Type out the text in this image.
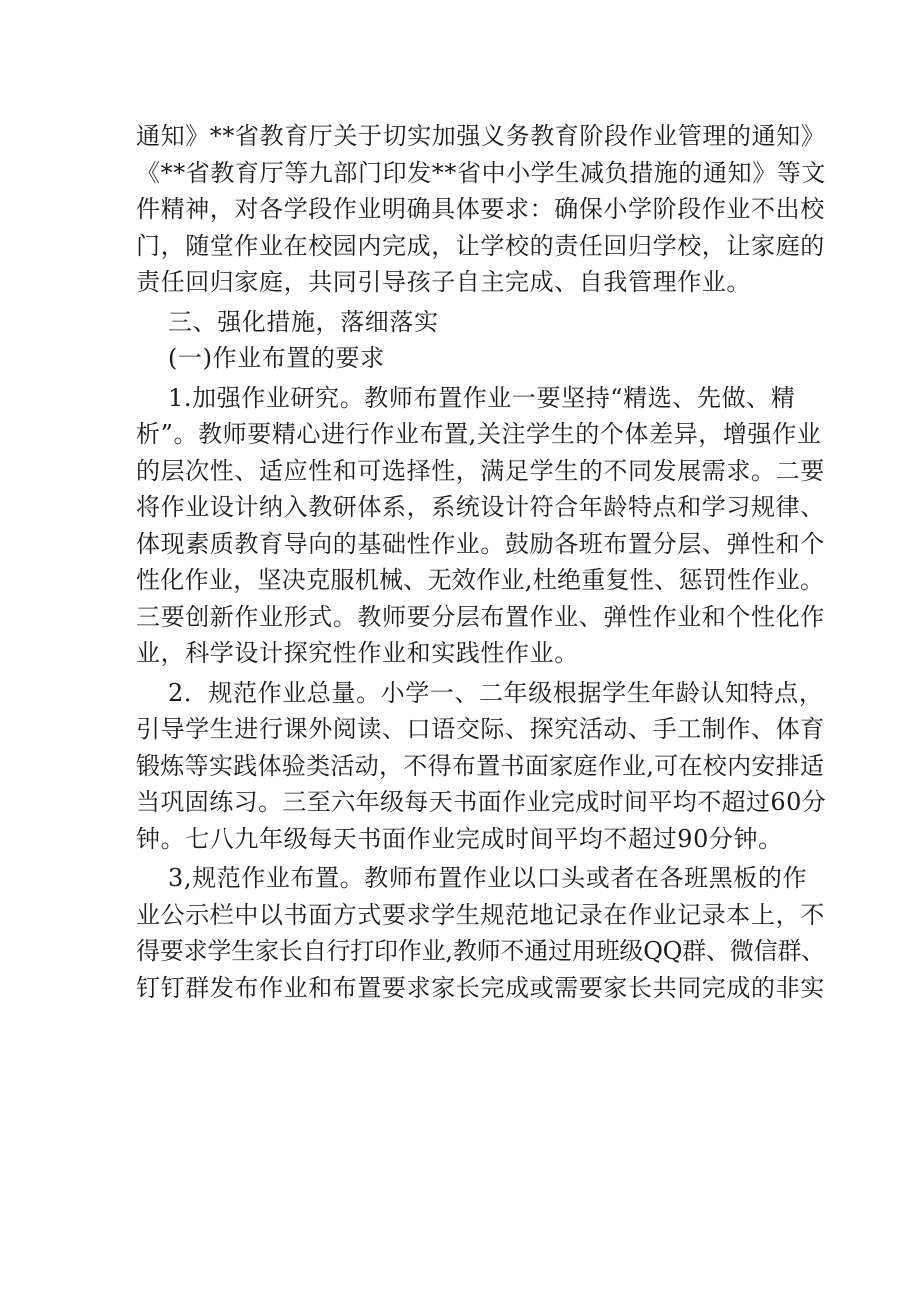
通知》**省教育厅关于切实加强义务教育阶段作业管理的通知》
《**省教育厅等九部门印发**省中小学生减负措施的通知》等文
件精神，对各学段作业明确具体要求：确保小学阶段作业不出校
门，随堂作业在校园内完成，让学校的责任回归学校，让家庭的
责任回归家庭，共同引导孩子自主完成、自我管理作业。
三、强化措施，落细落实
(一)作业布置的要求
1.加强作业研究。教师布置作业一要坚持“精选、先做、精
析”。教师要精心进行作业布置,关注学生的个体差异，增强作业
的层次性、适应性和可选择性，满足学生的不同发展需求。二要
将作业设计纳入教研体系，系统设计符合年龄特点和学习规律、
体现素质教育导向的基础性作业。鼓励各班布置分层、弹性和个
性化作业，坚决克服机械、无效作业,杜绝重复性、惩罚性作业。
三要创新作业形式。教师要分层布置作业、弹性作业和个性化作
业，科学设计探究性作业和实践性作业。
2．规范作业总量。小学一、二年级根据学生年龄认知特点，
引导学生进行课外阅读、口语交际、探究活动、手工制作、体育
锻炼等实践体验类活动，不得布置书面家庭作业,可在校内安排适
当巩固练习。三至六年级每天书面作业完成时间平均不超过60分
钟。七八九年级每天书面作业完成时间平均不超过90分钟。
3,规范作业布置。教师布置作业以口头或者在各班黑板的作
业公示栏中以书面方式要求学生规范地记录在作业记录本上，不
得要求学生家长自行打印作业,教师不通过用班级QQ群、微信群、
钉钉群发布作业和布置要求家长完成或需要家长共同完成的非实
